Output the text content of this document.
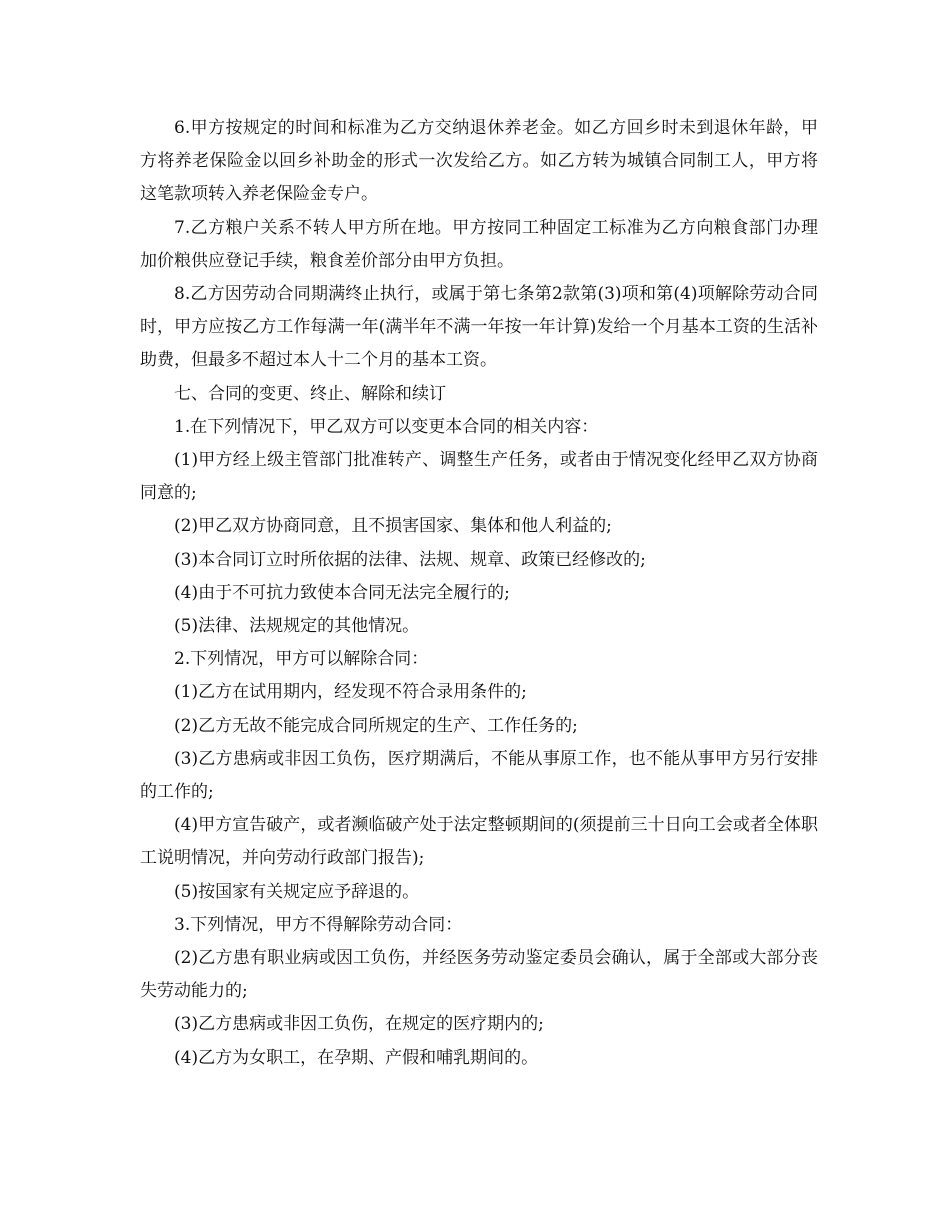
6.甲方按规定的时间和标准为乙方交纳退休养老金。如乙方回乡时未到退休年龄，甲方将养老保险金以回乡补助金的形式一次发给乙方。如乙方转为城镇合同制工人，甲方将这笔款项转入养老保险金专户。

7.乙方粮户关系不转人甲方所在地。甲方按同工种固定工标准为乙方向粮食部门办理加价粮供应登记手续，粮食差价部分由甲方负担。

8.乙方因劳动合同期满终止执行，或属于第七条第2款第(3)项和第(4)项解除劳动合同时，甲方应按乙方工作每满一年(满半年不满一年按一年计算)发给一个月基本工资的生活补助费，但最多不超过本人十二个月的基本工资。

七、合同的变更、终止、解除和续订

1.在下列情况下，甲乙双方可以变更本合同的相关内容：

(1)甲方经上级主管部门批准转产、调整生产任务，或者由于情况变化经甲乙双方协商同意的;

(2)甲乙双方协商同意，且不损害国家、集体和他人利益的;

(3)本合同订立时所依据的法律、法规、规章、政策已经修改的;

(4)由于不可抗力致使本合同无法完全履行的;

(5)法律、法规规定的其他情况。

2.下列情况，甲方可以解除合同：

(1)乙方在试用期内，经发现不符合录用条件的;

(2)乙方无故不能完成合同所规定的生产、工作任务的;

(3)乙方患病或非因工负伤，医疗期满后，不能从事原工作，也不能从事甲方另行安排的工作的;

(4)甲方宣告破产，或者濒临破产处于法定整顿期间的(须提前三十日向工会或者全体职工说明情况，并向劳动行政部门报告);

(5)按国家有关规定应予辞退的。

3.下列情况，甲方不得解除劳动合同：

(2)乙方患有职业病或因工负伤，并经医务劳动鉴定委员会确认，属于全部或大部分丧失劳动能力的;

(3)乙方患病或非因工负伤，在规定的医疗期内的;

(4)乙方为女职工，在孕期、产假和哺乳期间的。
